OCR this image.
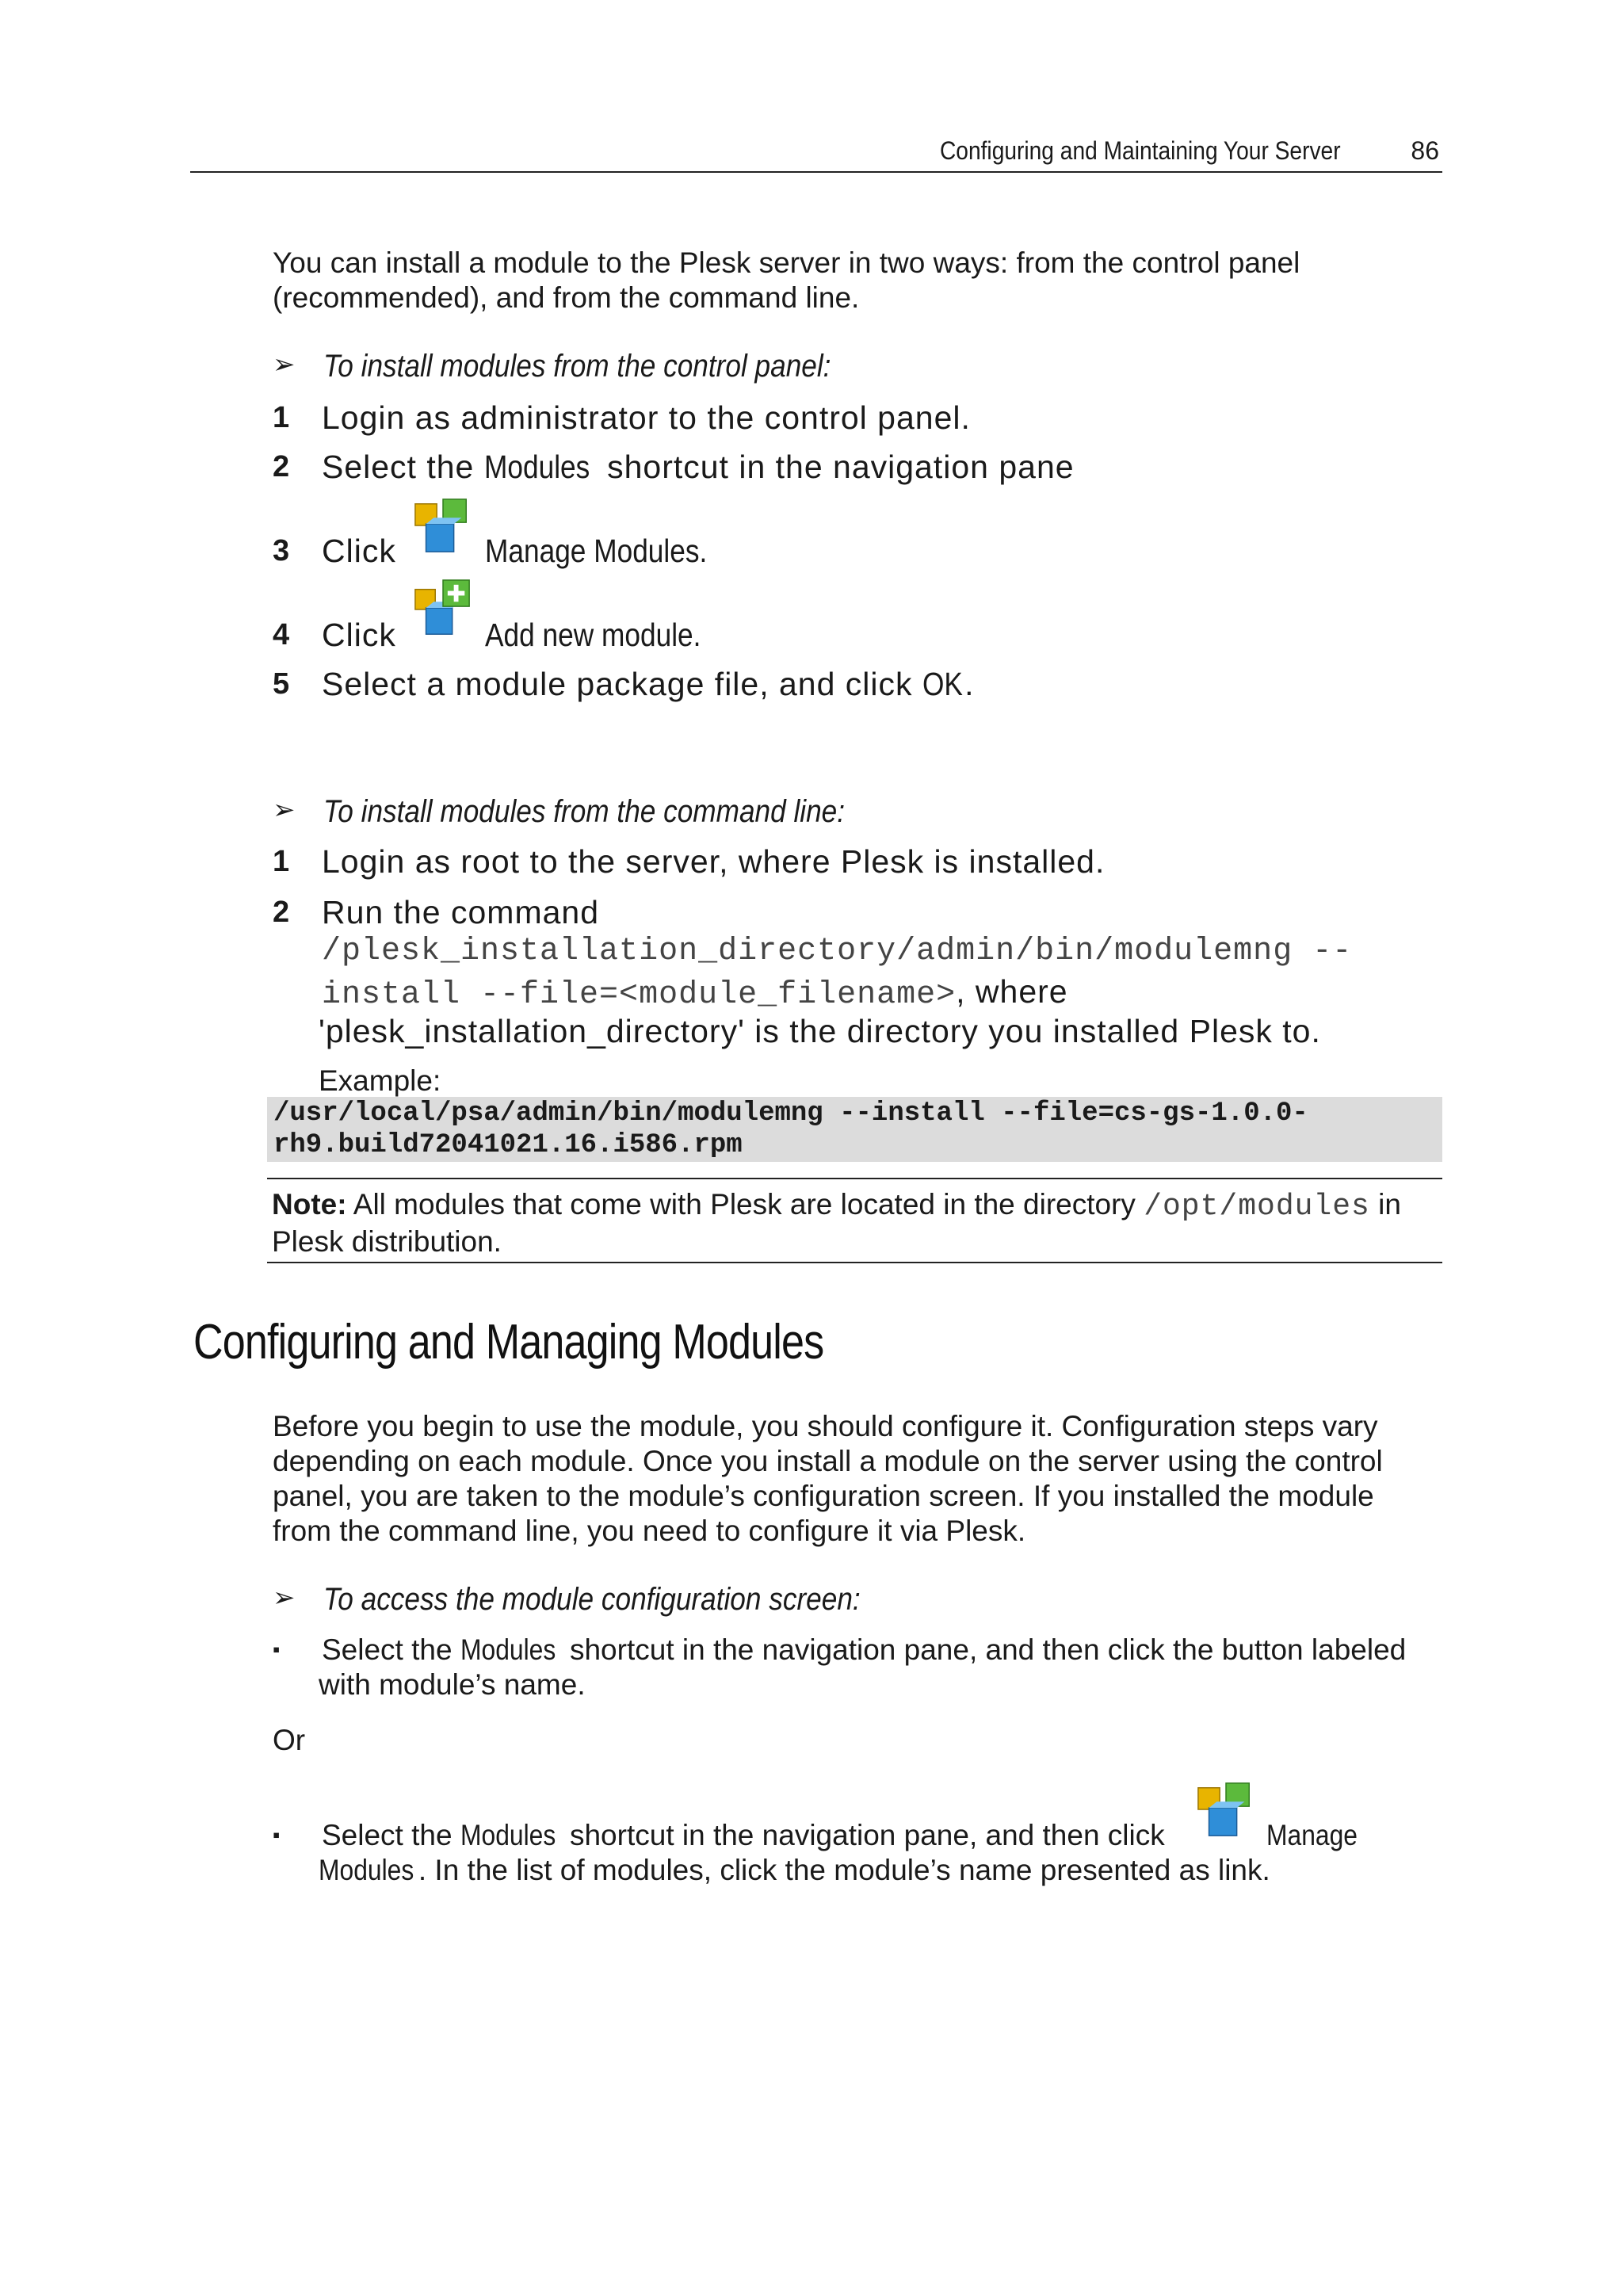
Configuring and Maintaining Your Server	86

You can install a module to the Plesk server in two ways: from the control panel (recommended), and from the command line.

➢ To install modules from the control panel:
1 Login as administrator to the control panel.
2 Select the Modules shortcut in the navigation pane
3 Click	Manage Modules.
4 Click	Add new module.
5 Select a module package file, and click OK.
➢ To install modules from the command line:
1 Login as root to the server, where Plesk is installed.
2 Run the command
/plesk_installation_directory/admin/bin/modulemng --
install --file=<module_filename>, where
'plesk_installation_directory' is the directory you installed Plesk to.
Example:
/usr/local/psa/admin/bin/modulemng --install --file=cs-gs-1.0.0-
rh9.build72041021.16.i586.rpm
Note: All modules that come with Plesk are located in the directory /opt/modules in
Plesk distribution.
Configuring and Managing Modules
Before you begin to use the module, you should configure it. Configuration steps vary
depending on each module. Once you install a module on the server using the control
panel, you are taken to the module’s configuration screen. If you installed the module
from the command line, you need to configure it via Plesk.
➢ To access the module configuration screen:
▪ Select the Modules shortcut in the navigation pane, and then click the button labeled
with module’s name.
Or
▪ Select the Modules shortcut in the navigation pane, and then click	Manage
Modules . In the list of modules, click the module’s name presented as link.
